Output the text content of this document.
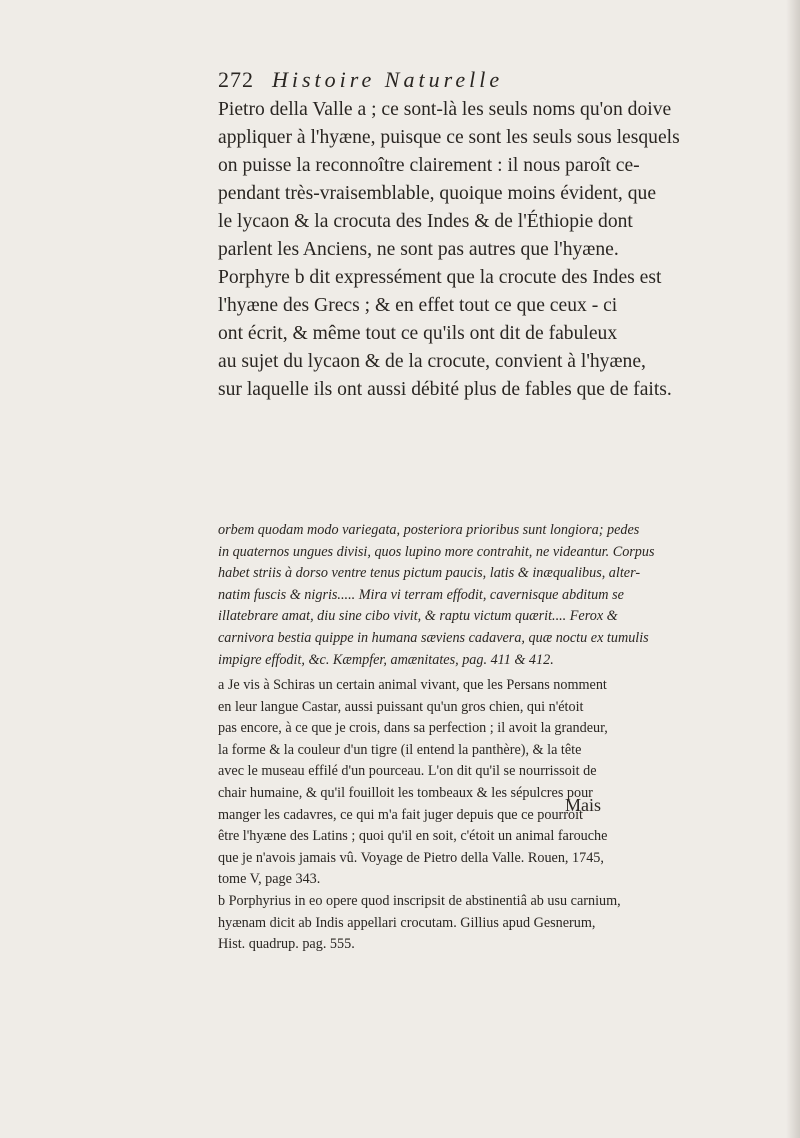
272 Histoire Naturelle
Pietro della Valle a ; ce sont-là les seuls noms qu'on doive
appliquer à l'hyæne, puisque ce sont les seuls sous lesquels
on puisse la reconnoître clairement : il nous paroît ce-
pendant très-vraisemblable, quoique moins évident, que
le lycaon & la crocuta des Indes & de l'Éthiopie dont
parlent les Anciens, ne sont pas autres que l'hyæne.
Porphyre b dit expressément que la crocute des Indes est
l'hyæne des Grecs ; & en effet tout ce que ceux - ci
ont écrit, & même tout ce qu'ils ont dit de fabuleux
au sujet du lycaon & de la crocute, convient à l'hyæne,
sur laquelle ils ont aussi débité plus de fables que de faits.
orbem quodam modo variegata, posteriora prioribus sunt longiora; pedes
in quaternos ungues divisi, quos lupino more contrahit, ne videantur. Corpus
habet striis à dorso ventre tenus pictum paucis, latis & inæqualibus, alter-
natim fuscis & nigris..... Mira vi terram effodit, cavernisque abditum se
illatebrare amat, diu sine cibo vivit, & raptu victum quærit.... Ferox &
carnivora bestia quippe in humana sæviens cadavera, quæ noctu ex tumulis
impigre effodit, &c. Kæmpfer, amænitates, pag. 411 & 412.
a Je vis à Schiras un certain animal vivant, que les Persans nomment
en leur langue Castar, aussi puissant qu'un gros chien, qui n'étoit
pas encore, à ce que je crois, dans sa perfection ; il avoit la grandeur,
la forme & la couleur d'un tigre (il entend la panthère), & la tête
avec le museau effilé d'un pourceau. L'on dit qu'il se nourrissoit de
chair humaine, & qu'il fouilloit les tombeaux & les sépulcres pour
manger les cadavres, ce qui m'a fait juger depuis que ce pourroit
être l'hyæne des Latins ; quoi qu'il en soit, c'étoit un animal farouche
que je n'avois jamais vû. Voyage de Pietro della Valle. Rouen, 1745,
tome V, page 343.
b Porphyrius in eo opere quod inscripsit de abstinentiâ ab usu carnium,
hyænam dicit ab Indis appellari crocutam. Gillius apud Gesnerum,
Hist. quadrup. pag. 555.
Mais
